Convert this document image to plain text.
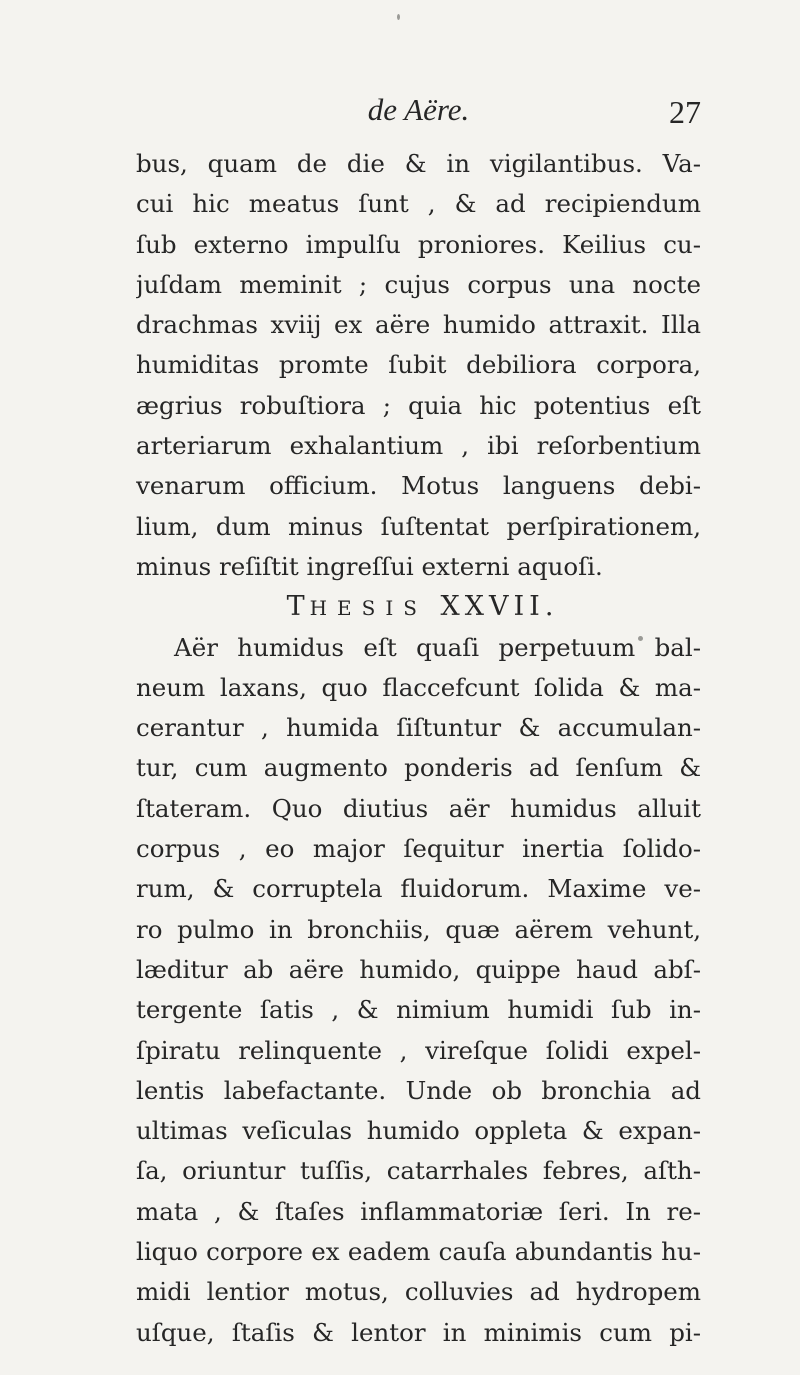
de Aëre.	27
bus, quam de die & in vigilantibus. Va-
cui hic meatus ſunt , & ad recipiendum
ſub externo impulſu proniores. Keilius cu-
juſdam meminit ; cujus corpus una nocte
drachmas xviij ex aëre humido attraxit. Illa
humiditas promte ſubit debiliora corpora,
ægrius robuſtiora ; quia hic potentius eſt
arteriarum exhalantium , ibi reſorbentium
venarum officium. Motus languens debi-
lium, dum minus ſuſtentat perſpirationem,
minus reſiſtit ingreſſui externi aquoſi.
THESIS XXVII.
Aër humidus eſt quaſi perpetuum bal-
neum laxans, quo flaccefcunt ſolida & ma-
cerantur , humida ſiſtuntur & accumulan-
tur, cum augmento ponderis ad ſenſum &
ſtateram. Quo diutius aër humidus alluit
corpus , eo major ſequitur inertia ſolido-
rum, & corruptela fluidorum. Maxime ve-
ro pulmo in bronchiis, quæ aërem vehunt,
læditur ab aëre humido, quippe haud abſ-
tergente ſatis , & nimium humidi ſub in-
ſpiratu relinquente , vireſque ſolidi expel-
lentis labefactante. Unde ob bronchia ad
ultimas veſiculas humido oppleta & expan-
ſa, oriuntur tuſſis, catarrhales febres, aſth-
mata , & ſtaſes inflammatoriæ ſeri. In re-
liquo corpore ex eadem cauſa abundantis hu-
midi lentior motus, colluvies ad hydropem
uſque, ſtaſis & lentor in minimis cum pi-
